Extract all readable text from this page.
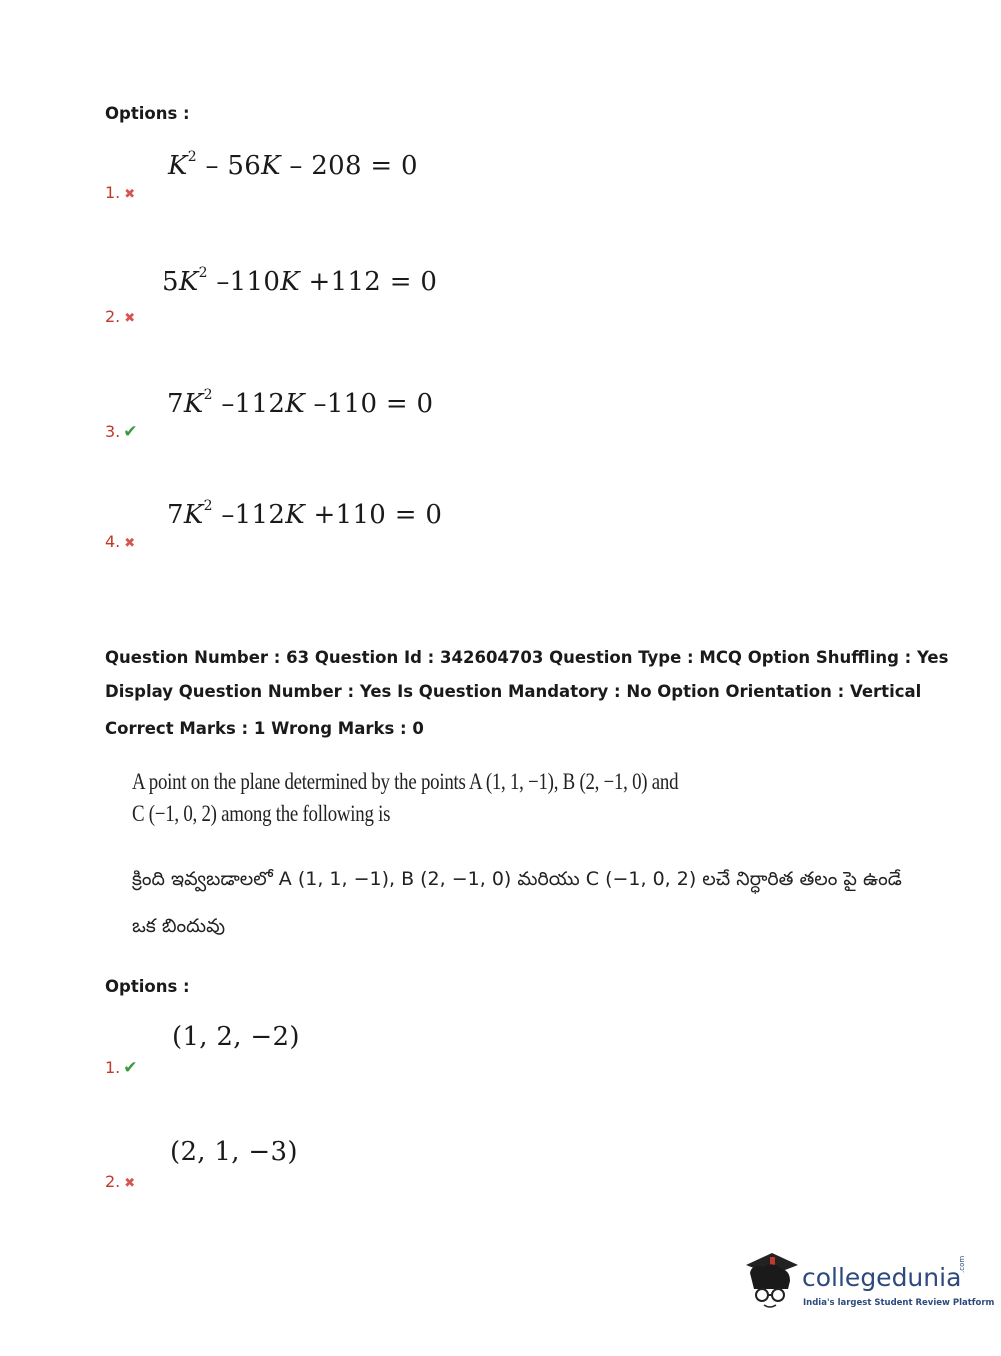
Options :
$K^2 - 56K - 208 = 0$
1. ✖
$5K^2$ –110K +112 = 0
2. ✖
$7K^2$ –112K –110 = 0
3. ✔
$7K^2$ –112K +110 = 0
4. ✖
Question Number : 63 Question Id : 342604703 Question Type : MCQ Option Shuffling : Yes
Display Question Number : Yes Is Question Mandatory : No Option Orientation : Vertical
Correct Marks : 1 Wrong Marks : 0
A point on the plane determined by the points A (1, 1, −1), B (2, −1, 0) and
C (−1, 0, 2) among the following is
క్రింది ఇవ్వబడాలలో A (1, 1, −1), B (2, −1, 0) మరియు C (−1, 0, 2) లచే నిర్ధారిత తలం పై ఉండే
ఒక బిందువు
Options :
(1, 2, −2)
1. ✔
(2, 1, −3)
2. ✖
collegedunia
.com
India's largest Student Review Platform
